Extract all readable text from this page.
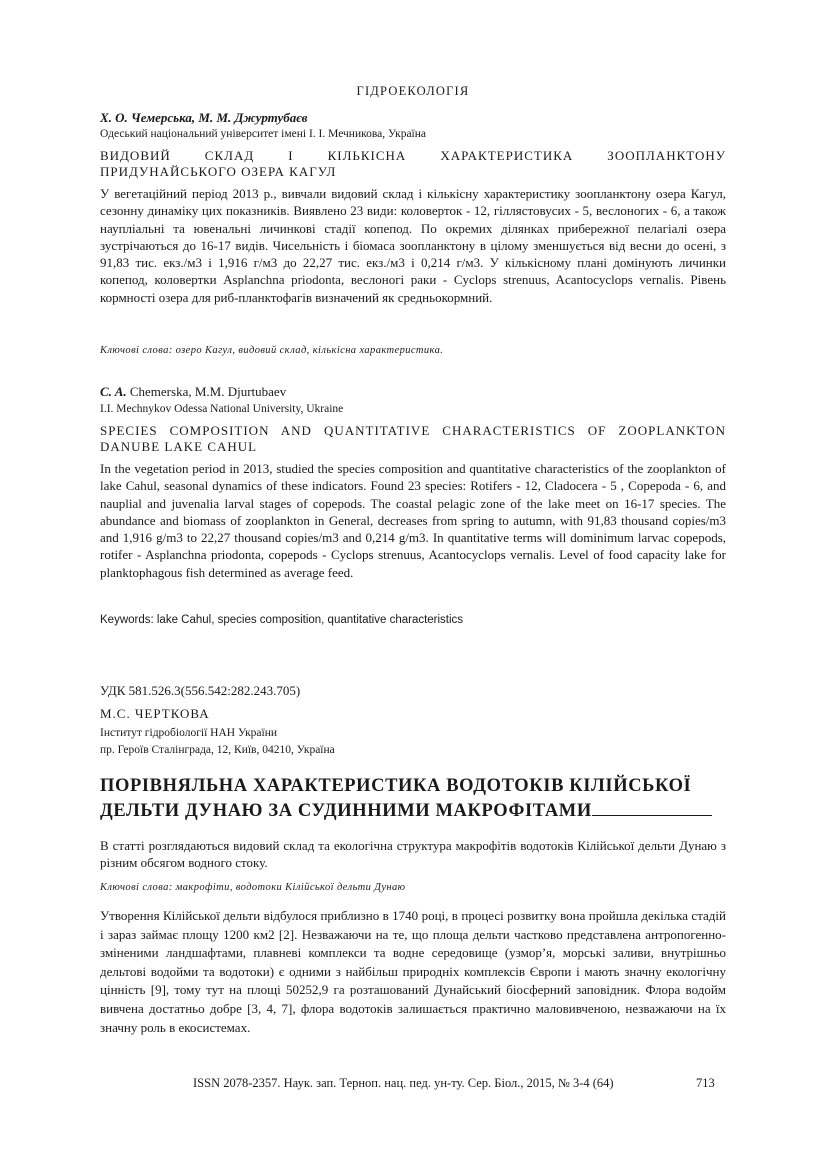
ГІДРОЕКОЛОГІЯ
Х. О. Чемерська, М. М. Джуртубаєв
Одеський національний університет імені І. І. Мечникова, Україна
ВИДОВИЙ СКЛАД І КІЛЬКІСНА ХАРАКТЕРИСТИКА ЗООПЛАНКТОНУ
ПРИДУНАЙСЬКОГО ОЗЕРА КАГУЛ
У вегетаційний період 2013 р., вивчали видовий склад і кількісну характеристику зоопланктону озера Кагул, сезонну динаміку цих показників. Виявлено 23 види: коловерток - 12, гіллястовусих - 5, веслоногих - 6, а також науплiальнi та ювенальнi личинкові стадії копепод. По окремих ділянках прибережної пелагіалі озера зустрічаються до 16-17 видів. Чисельність і біомаса зоопланктону в цілому зменшується від весни до осені, з 91,83 тис. екз./м3 і 1,916 г/м3 до 22,27 тис. екз./м3 і 0,214 г/м3. У кількісному плані домінують личинки копепод, коловертки Asplanchna priodonta, веслоногі раки - Cyclops strenuus, Acantocyclops vernalis. Рівень кормності озера для риб-планктофагів визначений як средньокормний.
Ключові слова: озеро Кагул, видовий склад, кількісна характеристика.
C. A. Chemerska, M.M. Djurtubaev
I.I. Mechnykov Odessa National University, Ukraine
SPECIES COMPOSITION AND QUANTITATIVE CHARACTERISTICS OF ZOOPLANKTON
DANUBE LAKE CAHUL
In the vegetation period in 2013, studied the species composition and quantitative characteristics of the zooplankton of lake Cahul, seasonal dynamics of these indicators. Found 23 species: Rotifers - 12, Cladocera - 5 , Copepoda - 6, and nauplial and juvenalia larval stages of copepods. The coastal pelagic zone of the lake meet on 16-17 species. The abundance and biomass of zooplankton in General, decreases from spring to autumn, with 91,83 thousand copies/m3 and 1,916 g/m3 to 22,27 thousand copies/m3 and 0,214 g/m3. In quantitative terms will dominimum larvac copepods, rotifer - Asplanchna priodonta, copepods - Cyclops strenuus, Acantocyclops vernalis. Level of food capacity lake for planktophagous fish determined as average feed.
Keywords: lake Cahul, species composition, quantitative characteristics
УДК 581.526.3(556.542:282.243.705)
М.С. ЧЕРТКОВА
Інститут гідробіології НАН України
пр. Героїв Сталінграда, 12, Київ, 04210, Україна
ПОРІВНЯЛЬНА ХАРАКТЕРИСТИКА ВОДОТОКІВ КІЛІЙСЬКОЇ
ДЕЛЬТИ ДУНАЮ ЗА СУДИННИМИ МАКРОФІТАМИ
В статті розглядаються видовий склад та екологічна структура макрофітів водотоків Кілійської дельти Дунаю з різним обсягом водного стоку.
Ключові слова: макрофіти, водотоки Кілійської дельти Дунаю
Утворення Кілійської дельти відбулося приблизно в 1740 році, в процесі розвитку вона пройшла декілька стадій і зараз займає площу 1200 км2 [2]. Незважаючи на те, що площа дельти частково представлена антропогенно-зміненими ландшафтами, плавневі комплекси та водне середовище (узмор’я, морські заливи, внутрішньо дельтові водойми та водотоки) є одними з найбільш природніх комплексів Європи і мають значну екологічну цінність [9], тому тут на площі 50252,9 га розташований Дунайський біосферний заповідник. Флора водойм вивчена достатньо добре [3, 4, 7], флора водотоків залишається практично маловивченою, незважаючи на їх значну роль в екосистемах.
ISSN 2078-2357. Наук. зап. Терноп. нац. пед. ун-ту. Сер. Біол., 2015, № 3-4 (64)	713
